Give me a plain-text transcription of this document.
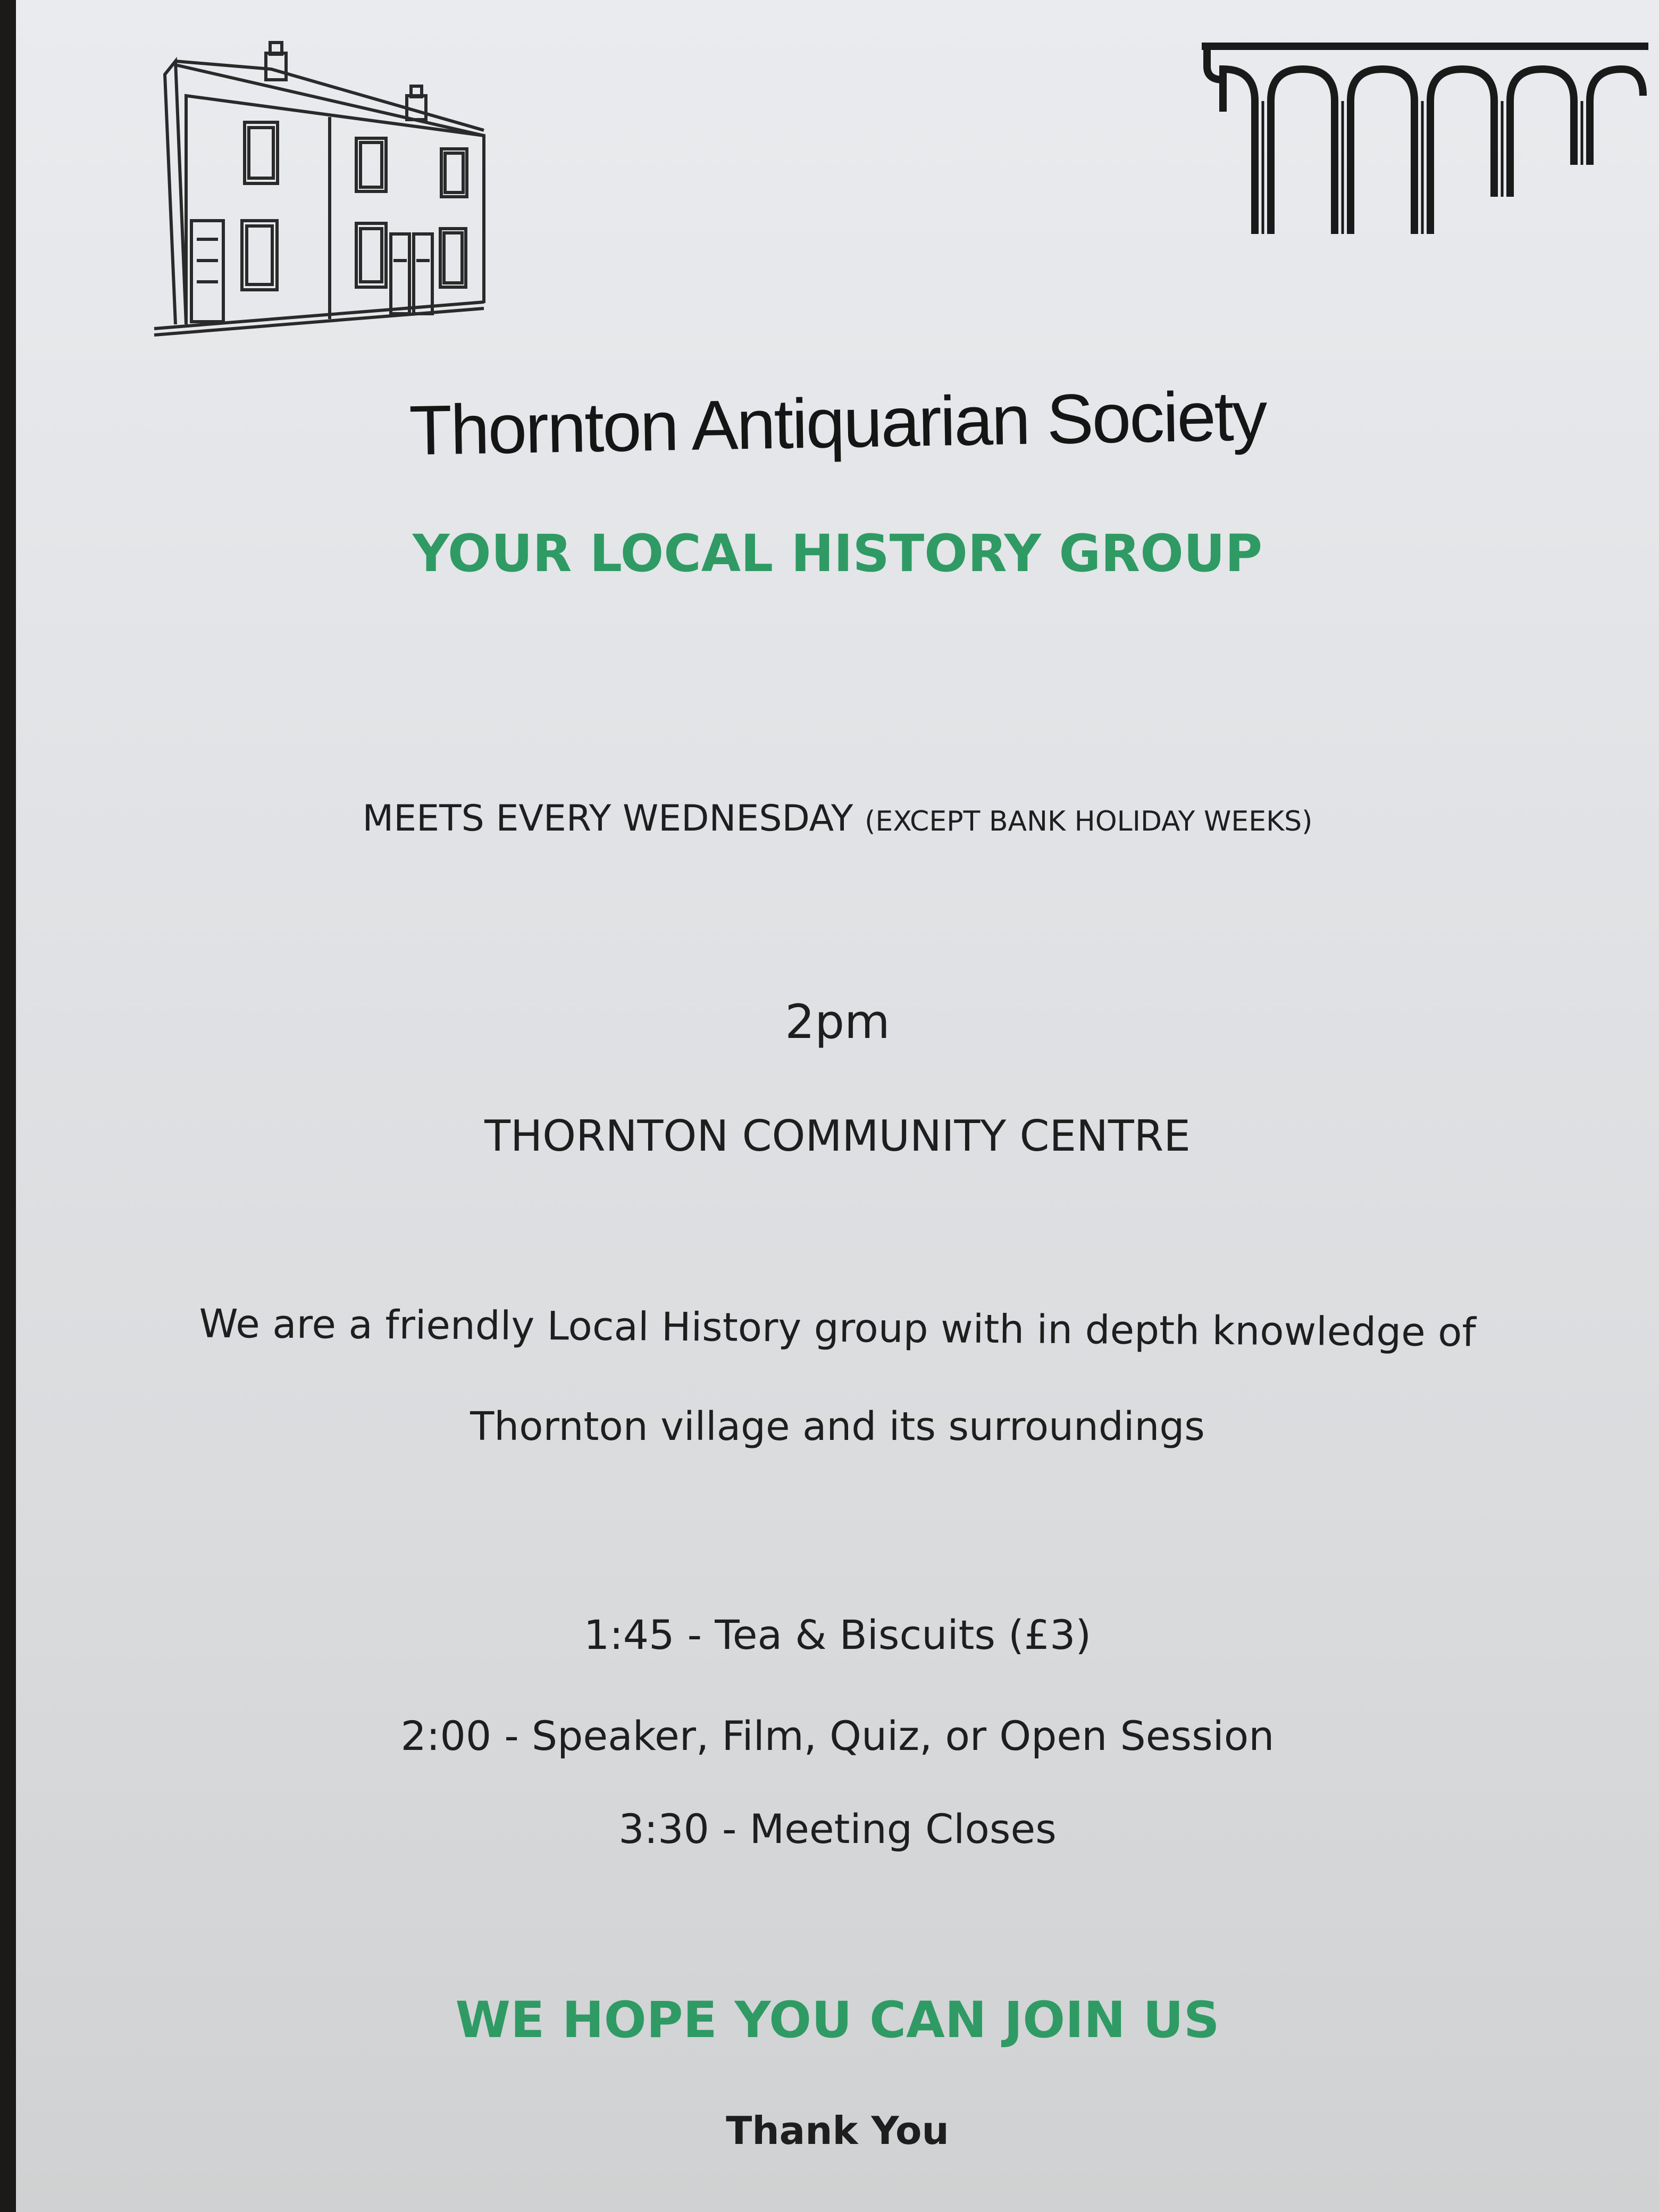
Thornton Antiquarian Society
YOUR LOCAL HISTORY GROUP
MEETS EVERY WEDNESDAY (EXCEPT BANK HOLIDAY WEEKS)
2pm
THORNTON COMMUNITY CENTRE
We are a friendly Local History group with in depth knowledge of
Thornton village and its surroundings
1:45 - Tea & Biscuits (£3)
2:00 - Speaker, Film, Quiz, or Open Session
3:30 - Meeting Closes
WE HOPE YOU CAN JOIN US
Thank You
